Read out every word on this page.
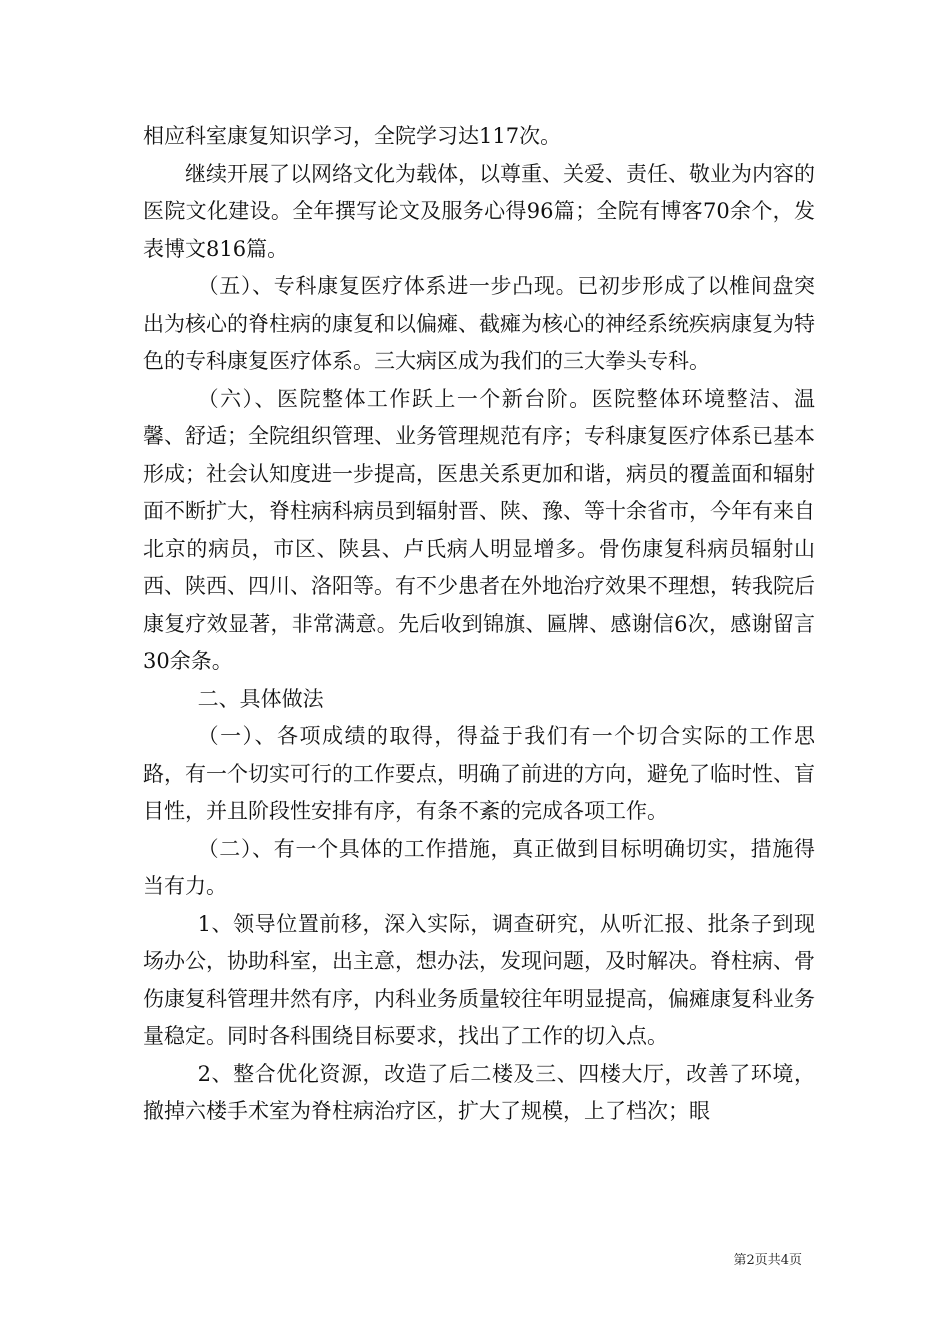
相应科室康复知识学习，全院学习达117次。

继续开展了以网络文化为载体，以尊重、关爱、责任、敬业为内容的医院文化建设。全年撰写论文及服务心得96篇；全院有博客70余个，发表博文816篇。

（五）、专科康复医疗体系进一步凸现。已初步形成了以椎间盘突出为核心的脊柱病的康复和以偏瘫、截瘫为核心的神经系统疾病康复为特色的专科康复医疗体系。三大病区成为我们的三大拳头专科。

（六）、医院整体工作跃上一个新台阶。医院整体环境整洁、温馨、舒适；全院组织管理、业务管理规范有序；专科康复医疗体系已基本形成；社会认知度进一步提高，医患关系更加和谐，病员的覆盖面和辐射面不断扩大，脊柱病科病员到辐射晋、陕、豫、等十余省市，今年有来自北京的病员，市区、陕县、卢氏病人明显增多。骨伤康复科病员辐射山西、陕西、四川、洛阳等。有不少患者在外地治疗效果不理想，转我院后康复疗效显著，非常满意。先后收到锦旗、匾牌、感谢信6次，感谢留言30余条。

二、具体做法

（一）、各项成绩的取得，得益于我们有一个切合实际的工作思路，有一个切实可行的工作要点，明确了前进的方向，避免了临时性、盲目性，并且阶段性安排有序，有条不紊的完成各项工作。

（二）、有一个具体的工作措施，真正做到目标明确切实，措施得当有力。

1、领导位置前移，深入实际，调查研究，从听汇报、批条子到现场办公，协助科室，出主意，想办法，发现问题，及时解决。脊柱病、骨伤康复科管理井然有序，内科业务质量较往年明显提高，偏瘫康复科业务量稳定。同时各科围绕目标要求，找出了工作的切入点。

2、整合优化资源，改造了后二楼及三、四楼大厅，改善了环境，撤掉六楼手术室为脊柱病治疗区，扩大了规模，上了档次；眼

第2页共4页
